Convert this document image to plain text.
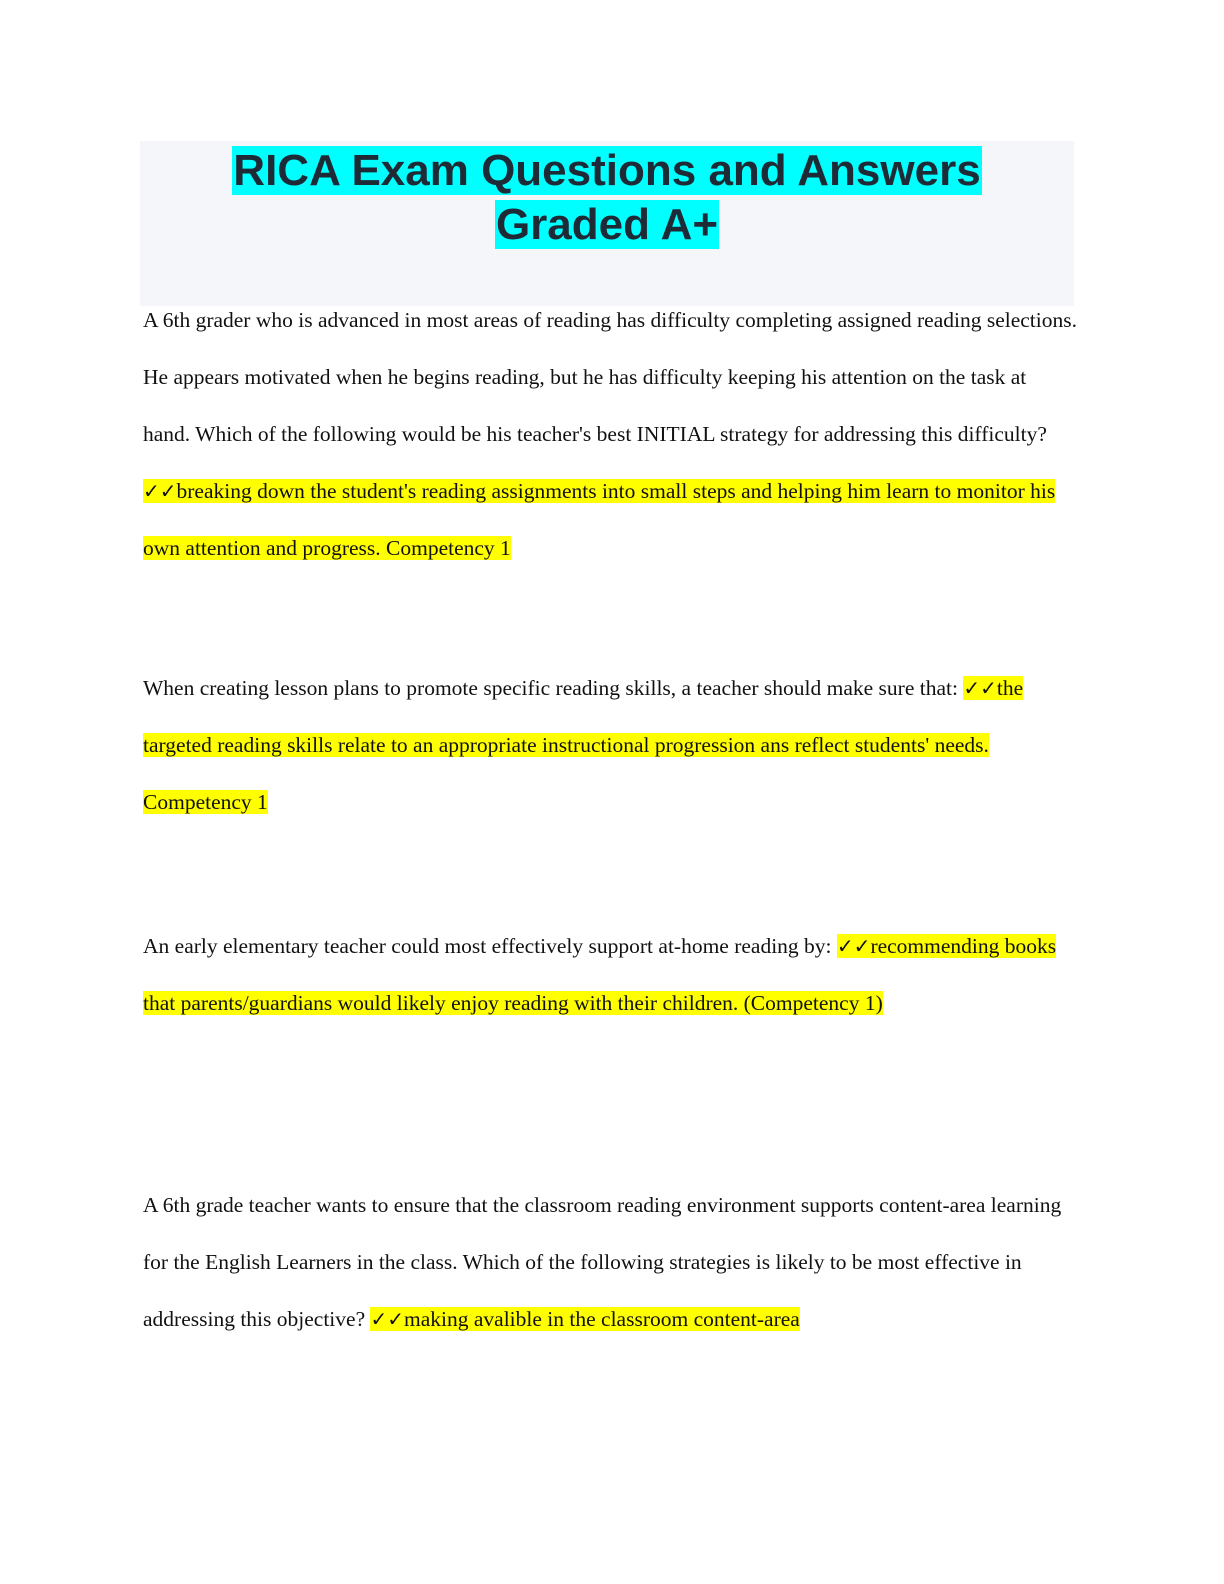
RICA Exam Questions and Answers

Graded A+

A 6th grader who is advanced in most areas of reading has difficulty completing assigned reading selections. He appears motivated when he begins reading, but he has difficulty keeping his attention on the task at hand. Which of the following would be his teacher's best INITIAL strategy for addressing this difficulty? ✓✓breaking down the student's reading assignments into small steps and helping him learn to monitor his own attention and progress. Competency 1

When creating lesson plans to promote specific reading skills, a teacher should make sure that: ✓✓the targeted reading skills relate to an appropriate instructional progression ans reflect students' needs. Competency 1

An early elementary teacher could most effectively support at-home reading by: ✓✓recommending books that parents/guardians would likely enjoy reading with their children. (Competency 1)

A 6th grade teacher wants to ensure that the classroom reading environment supports content-area learning for the English Learners in the class. Which of the following strategies is likely to be most effective in addressing this objective? ✓✓making avalible in the classroom content-area
